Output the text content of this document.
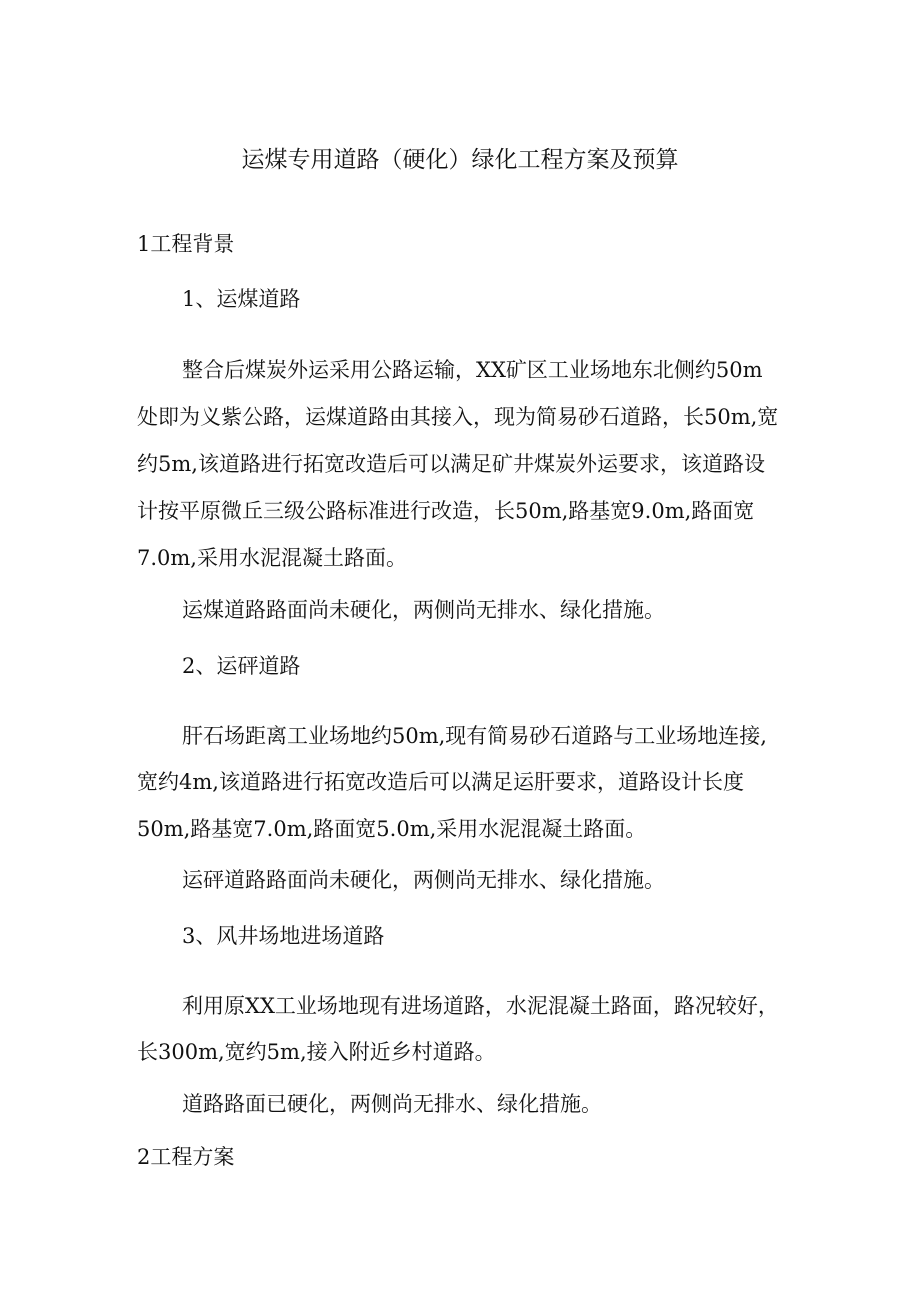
运煤专用道路（硬化）绿化工程方案及预算
1工程背景
1、运煤道路
整合后煤炭外运采用公路运输，XX矿区工业场地东北侧约50m
处即为义紫公路，运煤道路由其接入，现为简易砂石道路，长50m,宽
约5m,该道路进行拓宽改造后可以满足矿井煤炭外运要求，该道路设
计按平原微丘三级公路标准进行改造，长50m,路基宽9.0m,路面宽
7.0m,采用水泥混凝土路面。
运煤道路路面尚未硬化，两侧尚无排水、绿化措施。
2、运砰道路
肝石场距离工业场地约50m,现有简易砂石道路与工业场地连接,
宽约4m,该道路进行拓宽改造后可以满足运肝要求，道路设计长度
50m,路基宽7.0m,路面宽5.0m,采用水泥混凝土路面。
运砰道路路面尚未硬化，两侧尚无排水、绿化措施。
3、风井场地进场道路
利用原XX工业场地现有进场道路，水泥混凝土路面，路况较好，
长300m,宽约5m,接入附近乡村道路。
道路路面已硬化，两侧尚无排水、绿化措施。
2工程方案
